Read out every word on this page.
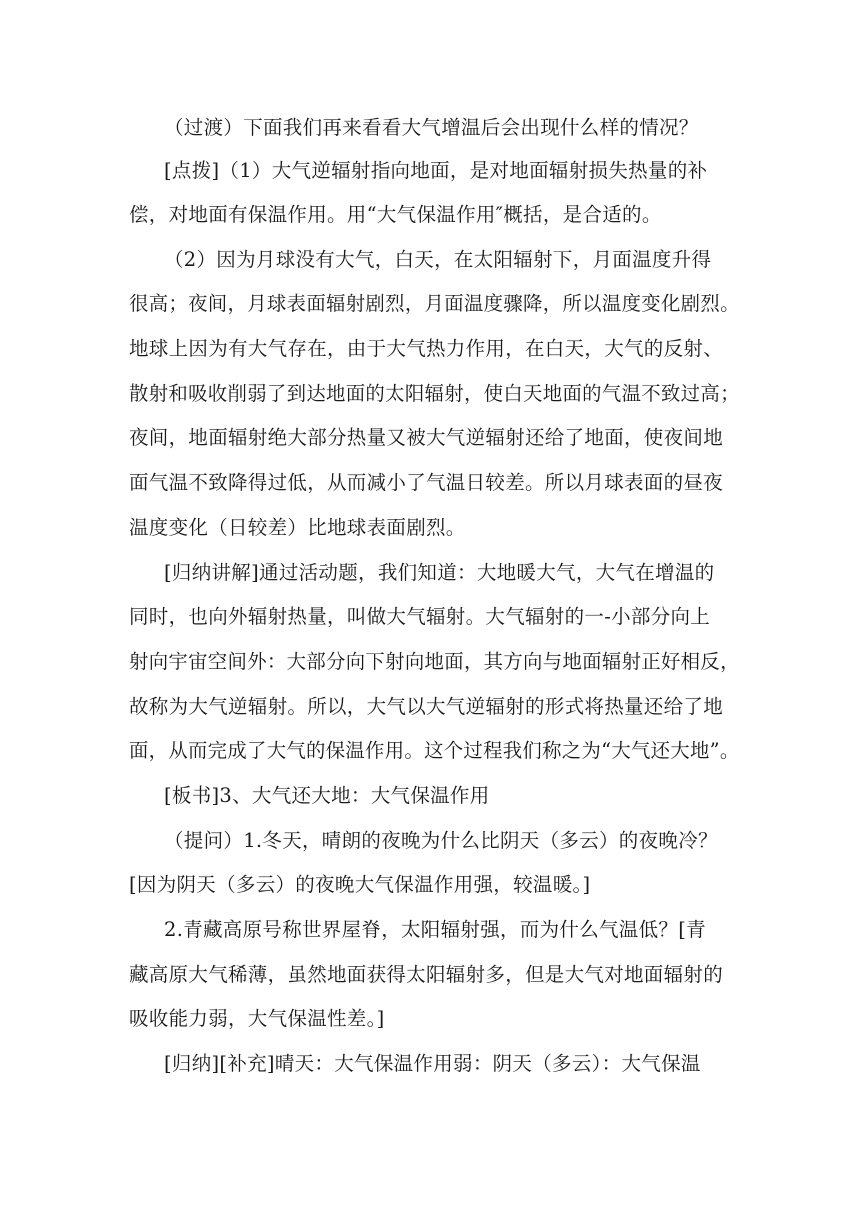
（过渡）下面我们再来看看大气增温后会出现什么样的情况？
[点拨]（1）大气逆辐射指向地面，是对地面辐射损失热量的补
偿，对地面有保温作用。用“大气保温作用″概括，是合适的。
（2）因为月球没有大气，白天，在太阳辐射下，月面温度升得
很高；夜间，月球表面辐射剧烈，月面温度骤降，所以温度变化剧烈。
地球上因为有大气存在，由于大气热力作用，在白天，大气的反射、
散射和吸收削弱了到达地面的太阳辐射，使白天地面的气温不致过高；
夜间，地面辐射绝大部分热量又被大气逆辐射还给了地面，使夜间地
面气温不致降得过低，从而减小了气温日较差。所以月球表面的昼夜
温度变化（日较差）比地球表面剧烈。
[归纳讲解]通过活动题，我们知道：大地暖大气，大气在增温的
同时，也向外辐射热量，叫做大气辐射。大气辐射的一-小部分向上
射向宇宙空间外：大部分向下射向地面，其方向与地面辐射正好相反，
故称为大气逆辐射。所以，大气以大气逆辐射的形式将热量还给了地
面，从而完成了大气的保温作用。这个过程我们称之为“大气还大地”。
[板书]3、大气还大地：大气保温作用
（提问）1.冬天，晴朗的夜晚为什么比阴天（多云）的夜晚冷？
[因为阴天（多云）的夜晚大气保温作用强，较温暖。]
2.青藏高原号称世界屋脊，太阳辐射强，而为什么气温低？[青
藏高原大气稀薄，虽然地面获得太阳辐射多，但是大气对地面辐射的
吸收能力弱，大气保温性差。]
[归纳][补充]晴天：大气保温作用弱：阴天（多云）：大气保温
